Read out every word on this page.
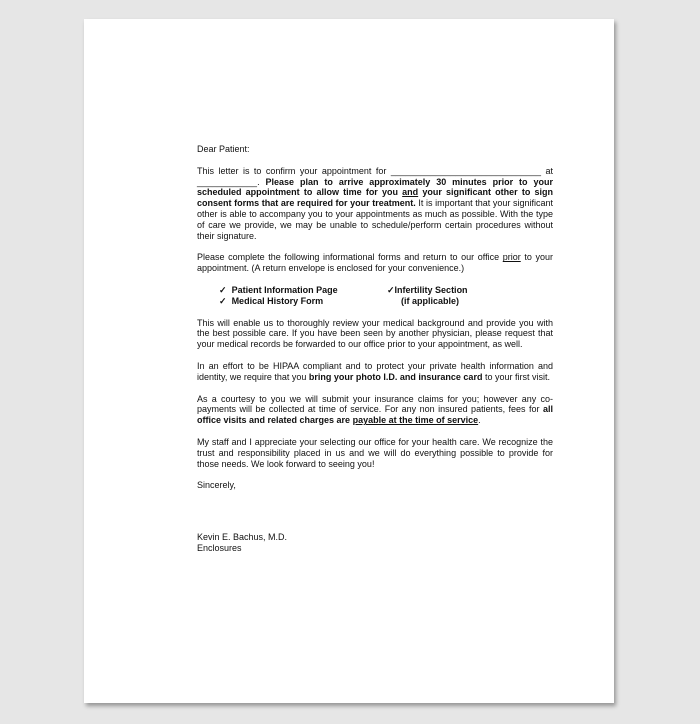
Dear Patient:

This letter is to confirm your appointment for ______________________________ at ____________. Please plan to arrive approximately 30 minutes prior to your scheduled appointment to allow time for you and your significant other to sign consent forms that are required for your treatment. It is important that your significant other is able to accompany you to your appointments as much as possible. With the type of care we provide, we may be unable to schedule/perform certain procedures without their signature.

Please complete the following informational forms and return to our office prior to your appointment. (A return envelope is enclosed for your convenience.)

✓ Patient Information Page	✓Infertility Section
✓ Medical History Form	(if applicable)

This will enable us to thoroughly review your medical background and provide you with the best possible care. If you have been seen by another physician, please request that your medical records be forwarded to our office prior to your appointment, as well.

In an effort to be HIPAA compliant and to protect your private health information and identity, we require that you bring your photo I.D. and insurance card to your first visit.

As a courtesy to you we will submit your insurance claims for you; however any co-payments will be collected at time of service. For any non insured patients, fees for all office visits and related charges are payable at the time of service.

My staff and I appreciate your selecting our office for your health care. We recognize the trust and responsibility placed in us and we will do everything possible to provide for those needs. We look forward to seeing you!

Sincerely,

Kevin E. Bachus, M.D.
Enclosures
